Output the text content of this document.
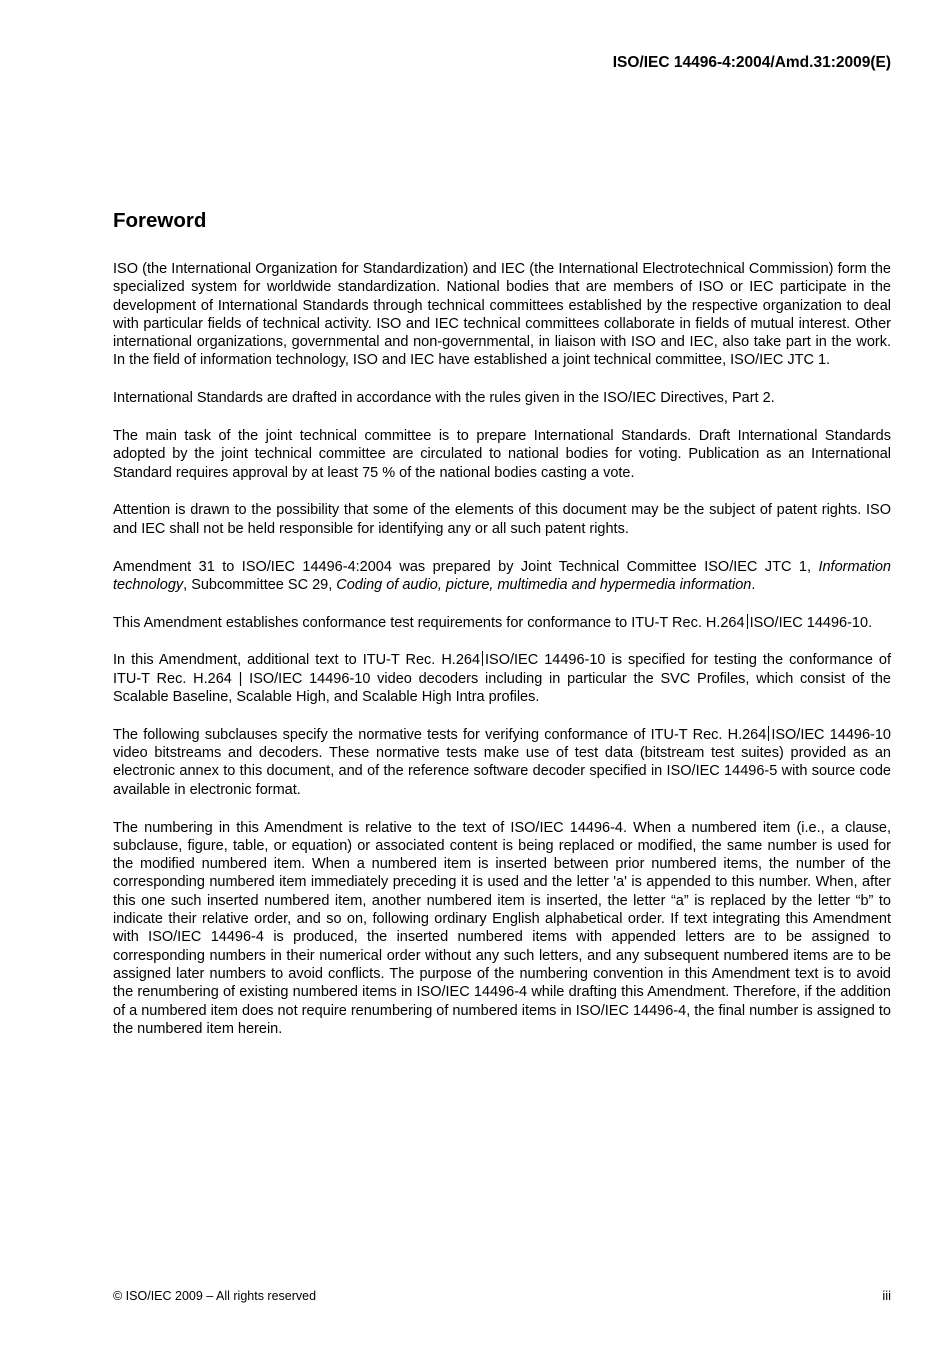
ISO/IEC 14496-4:2004/Amd.31:2009(E)
Foreword

ISO (the International Organization for Standardization) and IEC (the International Electrotechnical Commission) form the specialized system for worldwide standardization. National bodies that are members of ISO or IEC participate in the development of International Standards through technical committees established by the respective organization to deal with particular fields of technical activity. ISO and IEC technical committees collaborate in fields of mutual interest. Other international organizations, governmental and non-governmental, in liaison with ISO and IEC, also take part in the work. In the field of information technology, ISO and IEC have established a joint technical committee, ISO/IEC JTC 1.

International Standards are drafted in accordance with the rules given in the ISO/IEC Directives, Part 2.

The main task of the joint technical committee is to prepare International Standards. Draft International Standards adopted by the joint technical committee are circulated to national bodies for voting. Publication as an International Standard requires approval by at least 75 % of the national bodies casting a vote.

Attention is drawn to the possibility that some of the elements of this document may be the subject of patent rights. ISO and IEC shall not be held responsible for identifying any or all such patent rights.

Amendment 31 to ISO/IEC 14496-4:2004 was prepared by Joint Technical Committee ISO/IEC JTC 1, Information technology, Subcommittee SC 29, Coding of audio, picture, multimedia and hypermedia information.

This Amendment establishes conformance test requirements for conformance to ITU-T Rec. H.264 ISO/IEC 14496-10.

In this Amendment, additional text to ITU-T Rec. H.264 ISO/IEC 14496-10 is specified for testing the conformance of ITU-T Rec. H.264 | ISO/IEC 14496-10 video decoders including in particular the SVC Profiles, which consist of the Scalable Baseline, Scalable High, and Scalable High Intra profiles.

The following subclauses specify the normative tests for verifying conformance of ITU-T Rec. H.264 ISO/IEC 14496-10 video bitstreams and decoders. These normative tests make use of test data (bitstream test suites) provided as an electronic annex to this document, and of the reference software decoder specified in ISO/IEC 14496-5 with source code available in electronic format.

The numbering in this Amendment is relative to the text of ISO/IEC 14496-4. When a numbered item (i.e., a clause, subclause, figure, table, or equation) or associated content is being replaced or modified, the same number is used for the modified numbered item. When a numbered item is inserted between prior numbered items, the number of the corresponding numbered item immediately preceding it is used and the letter 'a' is appended to this number. When, after this one such inserted numbered item, another numbered item is inserted, the letter “a” is replaced by the letter “b” to indicate their relative order, and so on, following ordinary English alphabetical order. If text integrating this Amendment with ISO/IEC 14496-4 is produced, the inserted numbered items with appended letters are to be assigned to corresponding numbers in their numerical order without any such letters, and any subsequent numbered items are to be assigned later numbers to avoid conflicts. The purpose of the numbering convention in this Amendment text is to avoid the renumbering of existing numbered items in ISO/IEC 14496-4 while drafting this Amendment. Therefore, if the addition of a numbered item does not require renumbering of numbered items in ISO/IEC 14496-4, the final number is assigned to the numbered item herein.

© ISO/IEC 2009 – All rights reserved	iii
